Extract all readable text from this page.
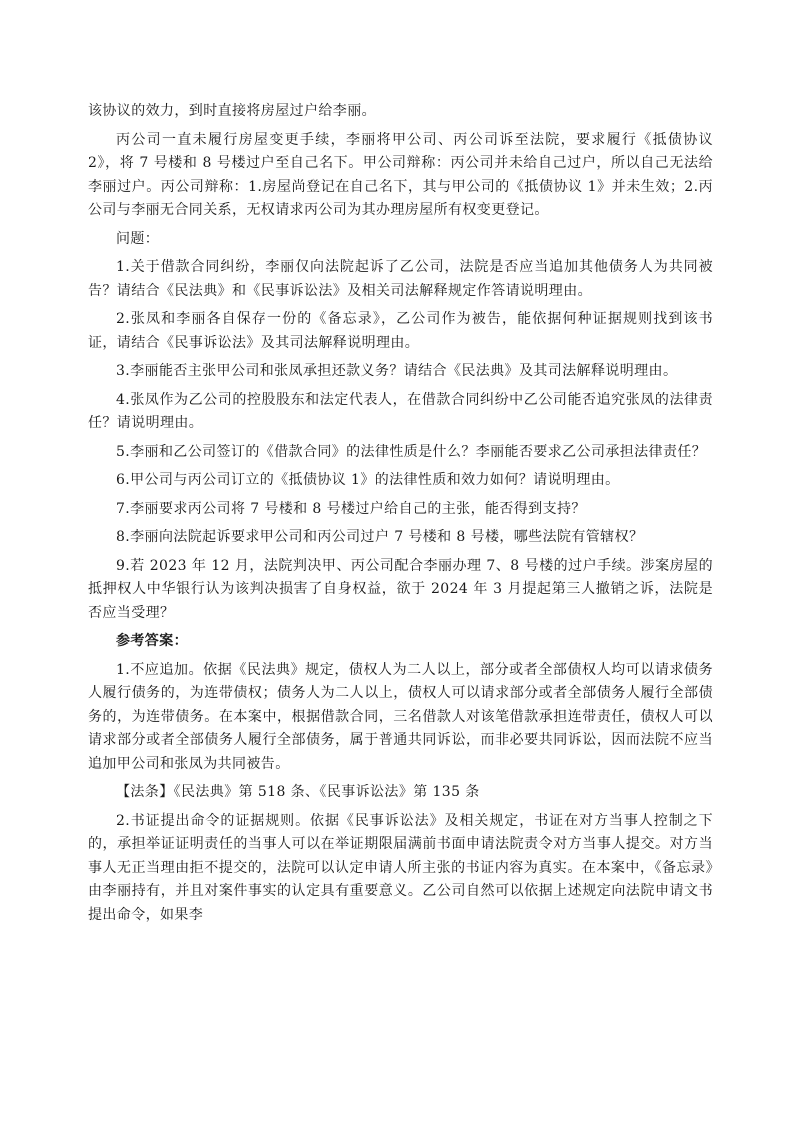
该协议的效力，到时直接将房屋过户给李丽。

丙公司一直未履行房屋变更手续，李丽将甲公司、丙公司诉至法院，要求履行《抵债协议 2》，将 7 号楼和 8 号楼过户至自己名下。甲公司辩称：丙公司并未给自己过户，所以自己无法给李丽过户。丙公司辩称：1.房屋尚登记在自己名下，其与甲公司的《抵债协议 1》并未生效；2.丙公司与李丽无合同关系，无权请求丙公司为其办理房屋所有权变更登记。

问题：

1.关于借款合同纠纷，李丽仅向法院起诉了乙公司，法院是否应当追加其他债务人为共同被告？请结合《民法典》和《民事诉讼法》及相关司法解释规定作答请说明理由。

2.张凤和李丽各自保存一份的《备忘录》，乙公司作为被告，能依据何种证据规则找到该书证，请结合《民事诉讼法》及其司法解释说明理由。

3.李丽能否主张甲公司和张凤承担还款义务？请结合《民法典》及其司法解释说明理由。

4.张凤作为乙公司的控股股东和法定代表人，在借款合同纠纷中乙公司能否追究张凤的法律责任？请说明理由。

5.李丽和乙公司签订的《借款合同》的法律性质是什么？李丽能否要求乙公司承担法律责任？

6.甲公司与丙公司订立的《抵债协议 1》的法律性质和效力如何？请说明理由。

7.李丽要求丙公司将 7 号楼和 8 号楼过户给自己的主张，能否得到支持？

8.李丽向法院起诉要求甲公司和丙公司过户 7 号楼和 8 号楼，哪些法院有管辖权？

9.若 2023 年 12 月，法院判决甲、丙公司配合李丽办理 7、8 号楼的过户手续。涉案房屋的抵押权人中华银行认为该判决损害了自身权益，欲于 2024 年 3 月提起第三人撤销之诉，法院是否应当受理？

参考答案：

1.不应追加。依据《民法典》规定，债权人为二人以上，部分或者全部债权人均可以请求债务人履行债务的，为连带债权；债务人为二人以上，债权人可以请求部分或者全部债务人履行全部债务的，为连带债务。在本案中，根据借款合同，三名借款人对该笔借款承担连带责任，债权人可以请求部分或者全部债务人履行全部债务，属于普通共同诉讼，而非必要共同诉讼，因而法院不应当追加甲公司和张凤为共同被告。

【法条】《民法典》第 518 条、《民事诉讼法》第 135 条

2.书证提出命令的证据规则。依据《民事诉讼法》及相关规定，书证在对方当事人控制之下的，承担举证证明责任的当事人可以在举证期限届满前书面申请法院责令对方当事人提交。对方当事人无正当理由拒不提交的，法院可以认定申请人所主张的书证内容为真实。在本案中，《备忘录》由李丽持有，并且对案件事实的认定具有重要意义。乙公司自然可以依据上述规定向法院申请文书提出命令，如果李
